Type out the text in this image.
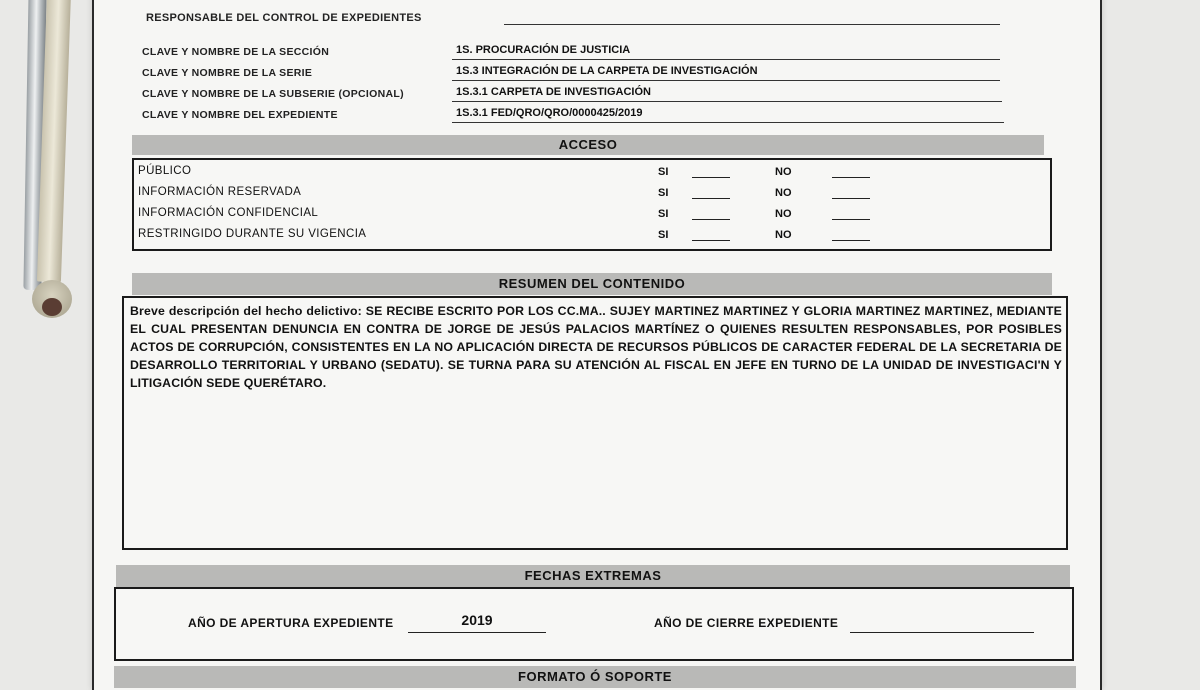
RESPONSABLE DEL CONTROL DE EXPEDIENTES
CLAVE Y NOMBRE DE LA SECCIÓN	1S. PROCURACIÓN DE JUSTICIA
CLAVE Y NOMBRE DE LA SERIE	1S.3 INTEGRACIÓN DE LA CARPETA DE INVESTIGACIÓN
CLAVE Y NOMBRE DE LA SUBSERIE (OPCIONAL)	1S.3.1 CARPETA DE INVESTIGACIÓN
CLAVE Y NOMBRE DEL EXPEDIENTE	1S.3.1 FED/QRO/QRO/0000425/2019
ACCESO
PÚBLICO	SI	NO
INFORMACIÓN RESERVADA	SI	NO
INFORMACIÓN CONFIDENCIAL	SI	NO
RESTRINGIDO DURANTE SU VIGENCIA	SI	NO
RESUMEN DEL CONTENIDO
Breve descripción del hecho delictivo: SE RECIBE ESCRITO POR LOS CC.MA.. SUJEY MARTINEZ MARTINEZ Y GLORIA MARTINEZ MARTINEZ, MEDIANTE EL CUAL PRESENTAN DENUNCIA EN CONTRA DE JORGE DE JESÚS PALACIOS MARTÍNEZ O QUIENES RESULTEN RESPONSABLES, POR POSIBLES ACTOS DE CORRUPCIÓN, CONSISTENTES EN LA NO APLICACIÓN DIRECTA DE RECURSOS PÚBLICOS DE CARACTER FEDERAL DE LA SECRETARIA DE DESARROLLO TERRITORIAL Y URBANO (SEDATU). SE TURNA PARA SU ATENCIÓN AL FISCAL EN JEFE EN TURNO DE LA UNIDAD DE INVESTIGACI'N Y LITIGACIÓN SEDE QUERÉTARO.
FECHAS EXTREMAS
AÑO DE APERTURA EXPEDIENTE	2019	AÑO DE CIERRE EXPEDIENTE
FORMATO Ó SOPORTE
